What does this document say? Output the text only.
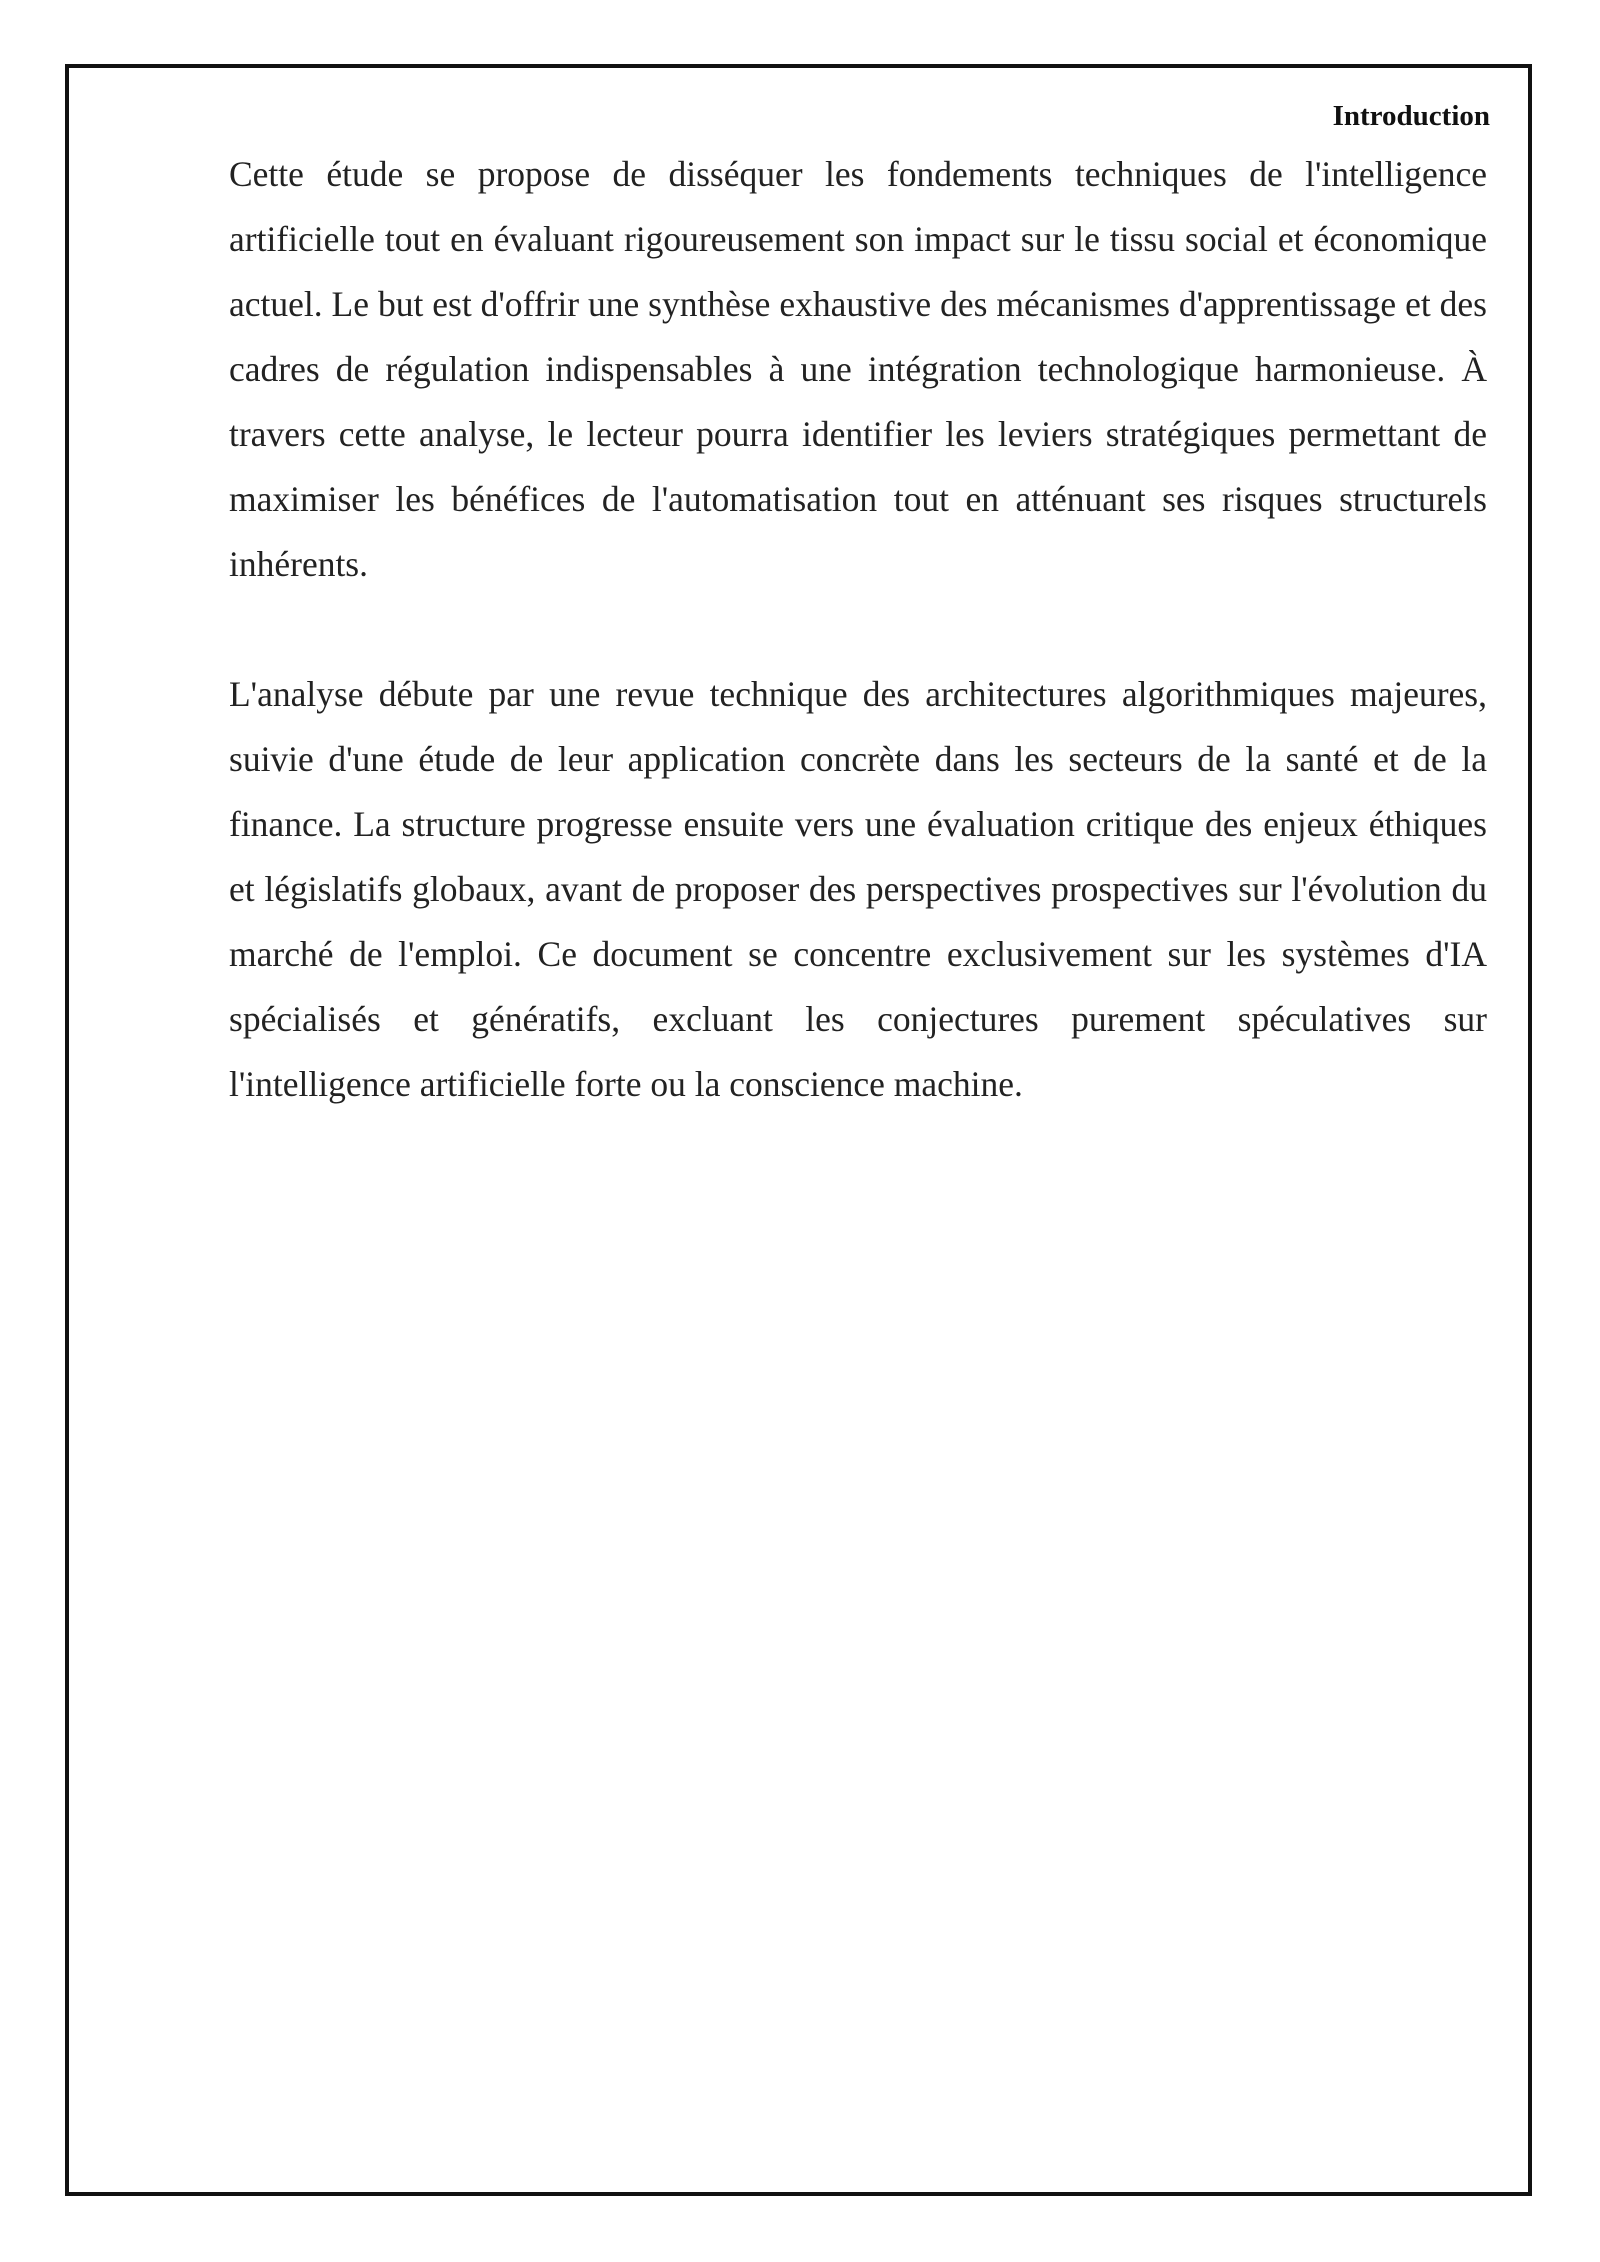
Introduction

Cette étude se propose de disséquer les fondements techniques de l'intelligence artificielle tout en évaluant rigoureusement son impact sur le tissu social et économique actuel. Le but est d'offrir une synthèse exhaustive des mécanismes d'apprentissage et des cadres de régulation indispensables à une intégration technologique harmonieuse. À travers cette analyse, le lecteur pourra identifier les leviers stratégiques permettant de maximiser les bénéfices de l'automatisation tout en atténuant ses risques structurels inhérents.

L'analyse débute par une revue technique des architectures algorithmiques majeures, suivie d'une étude de leur application concrète dans les secteurs de la santé et de la finance. La structure progresse ensuite vers une évaluation critique des enjeux éthiques et législatifs globaux, avant de proposer des perspectives prospectives sur l'évolution du marché de l'emploi. Ce document se concentre exclusivement sur les systèmes d'IA spécialisés et génératifs, excluant les conjectures purement spéculatives sur l'intelligence artificielle forte ou la conscience machine.
